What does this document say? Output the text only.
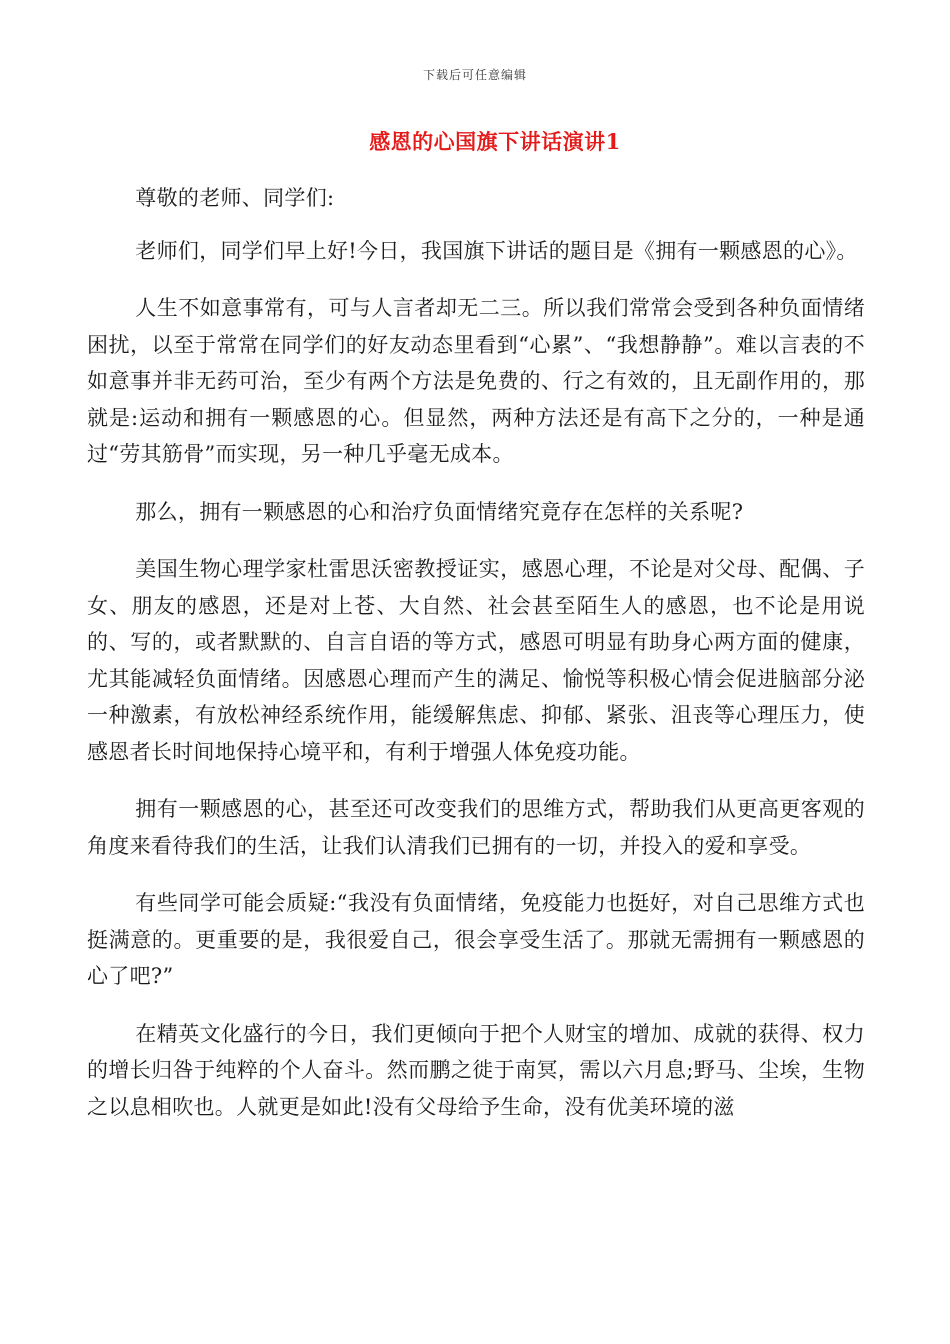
下载后可任意编辑
感恩的心国旗下讲话演讲1

尊敬的老师、同学们:

老师们，同学们早上好!今日，我国旗下讲话的题目是《拥有一颗感恩的心》。

人生不如意事常有，可与人言者却无二三。所以我们常常会受到各种负面情绪困扰，以至于常常在同学们的好友动态里看到“心累”、“我想静静”。难以言表的不如意事并非无药可治，至少有两个方法是免费的、行之有效的，且无副作用的，那就是:运动和拥有一颗感恩的心。但显然，两种方法还是有高下之分的，一种是通过“劳其筋骨”而实现，另一种几乎毫无成本。

那么，拥有一颗感恩的心和治疗负面情绪究竟存在怎样的关系呢?

美国生物心理学家杜雷思沃密教授证实，感恩心理，不论是对父母、配偶、子女、朋友的感恩，还是对上苍、大自然、社会甚至陌生人的感恩，也不论是用说的、写的，或者默默的、自言自语的等方式，感恩可明显有助身心两方面的健康，尤其能减轻负面情绪。因感恩心理而产生的满足、愉悦等积极心情会促进脑部分泌一种激素，有放松神经系统作用，能缓解焦虑、抑郁、紧张、沮丧等心理压力，使感恩者长时间地保持心境平和，有利于增强人体免疫功能。

拥有一颗感恩的心，甚至还可改变我们的思维方式，帮助我们从更高更客观的角度来看待我们的生活，让我们认清我们已拥有的一切，并投入的爱和享受。

有些同学可能会质疑:“我没有负面情绪，免疫能力也挺好，对自己思维方式也挺满意的。更重要的是，我很爱自己，很会享受生活了。那就无需拥有一颗感恩的心了吧?”

在精英文化盛行的今日，我们更倾向于把个人财宝的增加、成就的获得、权力的增长归咎于纯粹的个人奋斗。然而鹏之徙于南冥，需以六月息;野马、尘埃，生物之以息相吹也。人就更是如此!没有父母给予生命，没有优美环境的滋
